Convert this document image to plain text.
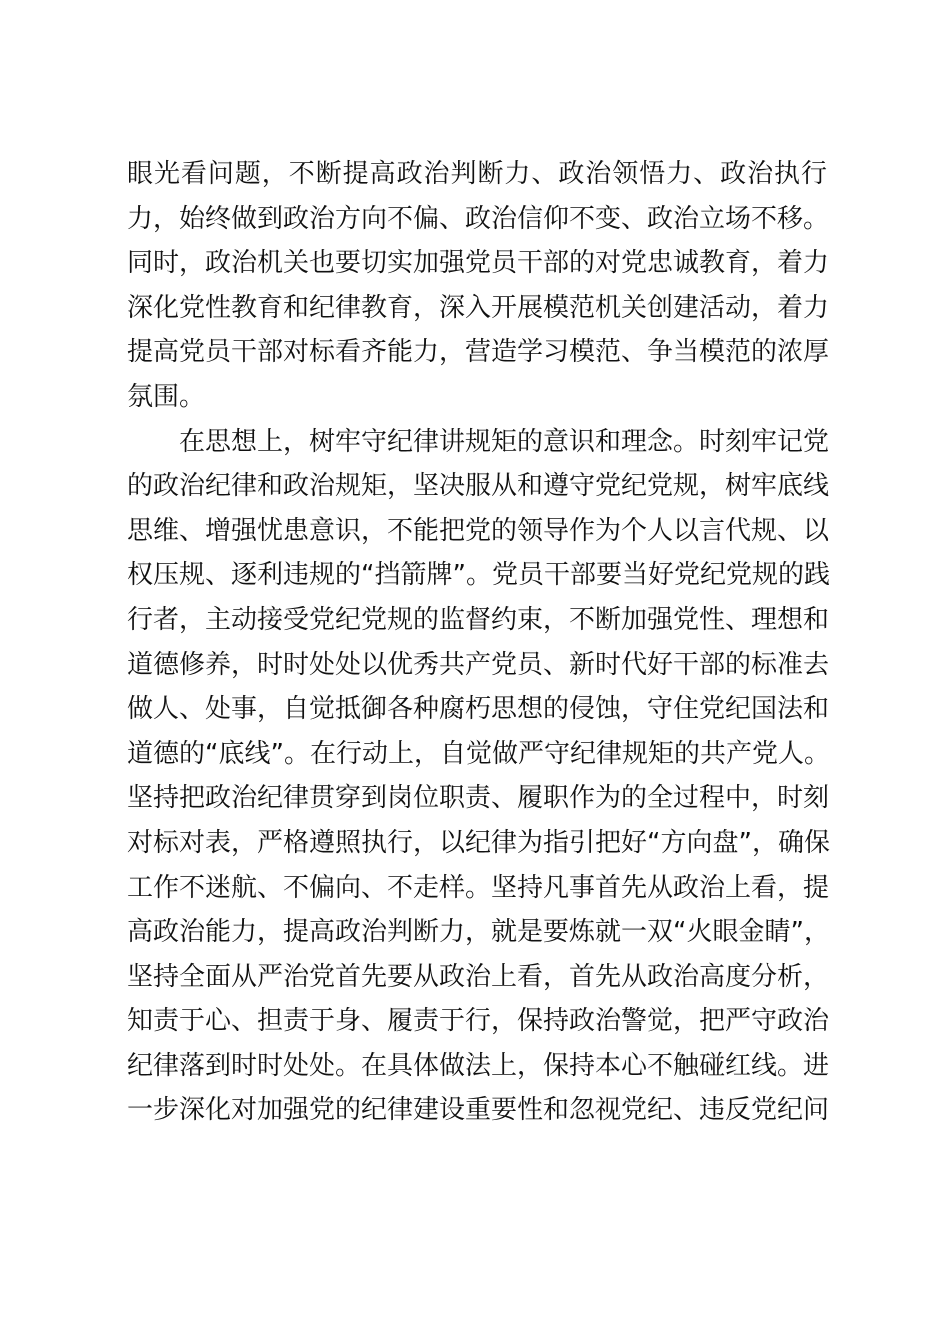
眼光看问题，不断提高政治判断力、政治领悟力、政治执行
力，始终做到政治方向不偏、政治信仰不变、政治立场不移。
同时，政治机关也要切实加强党员干部的对党忠诚教育，着力
深化党性教育和纪律教育，深入开展模范机关创建活动，着力
提高党员干部对标看齐能力，营造学习模范、争当模范的浓厚
氛围。
在思想上，树牢守纪律讲规矩的意识和理念。时刻牢记党
的政治纪律和政治规矩，坚决服从和遵守党纪党规，树牢底线
思维、增强忧患意识，不能把党的领导作为个人以言代规、以
权压规、逐利违规的“挡箭牌”。党员干部要当好党纪党规的践
行者，主动接受党纪党规的监督约束，不断加强党性、理想和
道德修养，时时处处以优秀共产党员、新时代好干部的标准去
做人、处事，自觉抵御各种腐朽思想的侵蚀，守住党纪国法和
道德的“底线”。在行动上，自觉做严守纪律规矩的共产党人。
坚持把政治纪律贯穿到岗位职责、履职作为的全过程中，时刻
对标对表，严格遵照执行，以纪律为指引把好“方向盘”，确保
工作不迷航、不偏向、不走样。坚持凡事首先从政治上看，提
高政治能力，提高政治判断力，就是要炼就一双“火眼金睛”，
坚持全面从严治党首先要从政治上看，首先从政治高度分析，
知责于心、担责于身、履责于行，保持政治警觉，把严守政治
纪律落到时时处处。在具体做法上，保持本心不触碰红线。进
一步深化对加强党的纪律建设重要性和忽视党纪、违反党纪问
